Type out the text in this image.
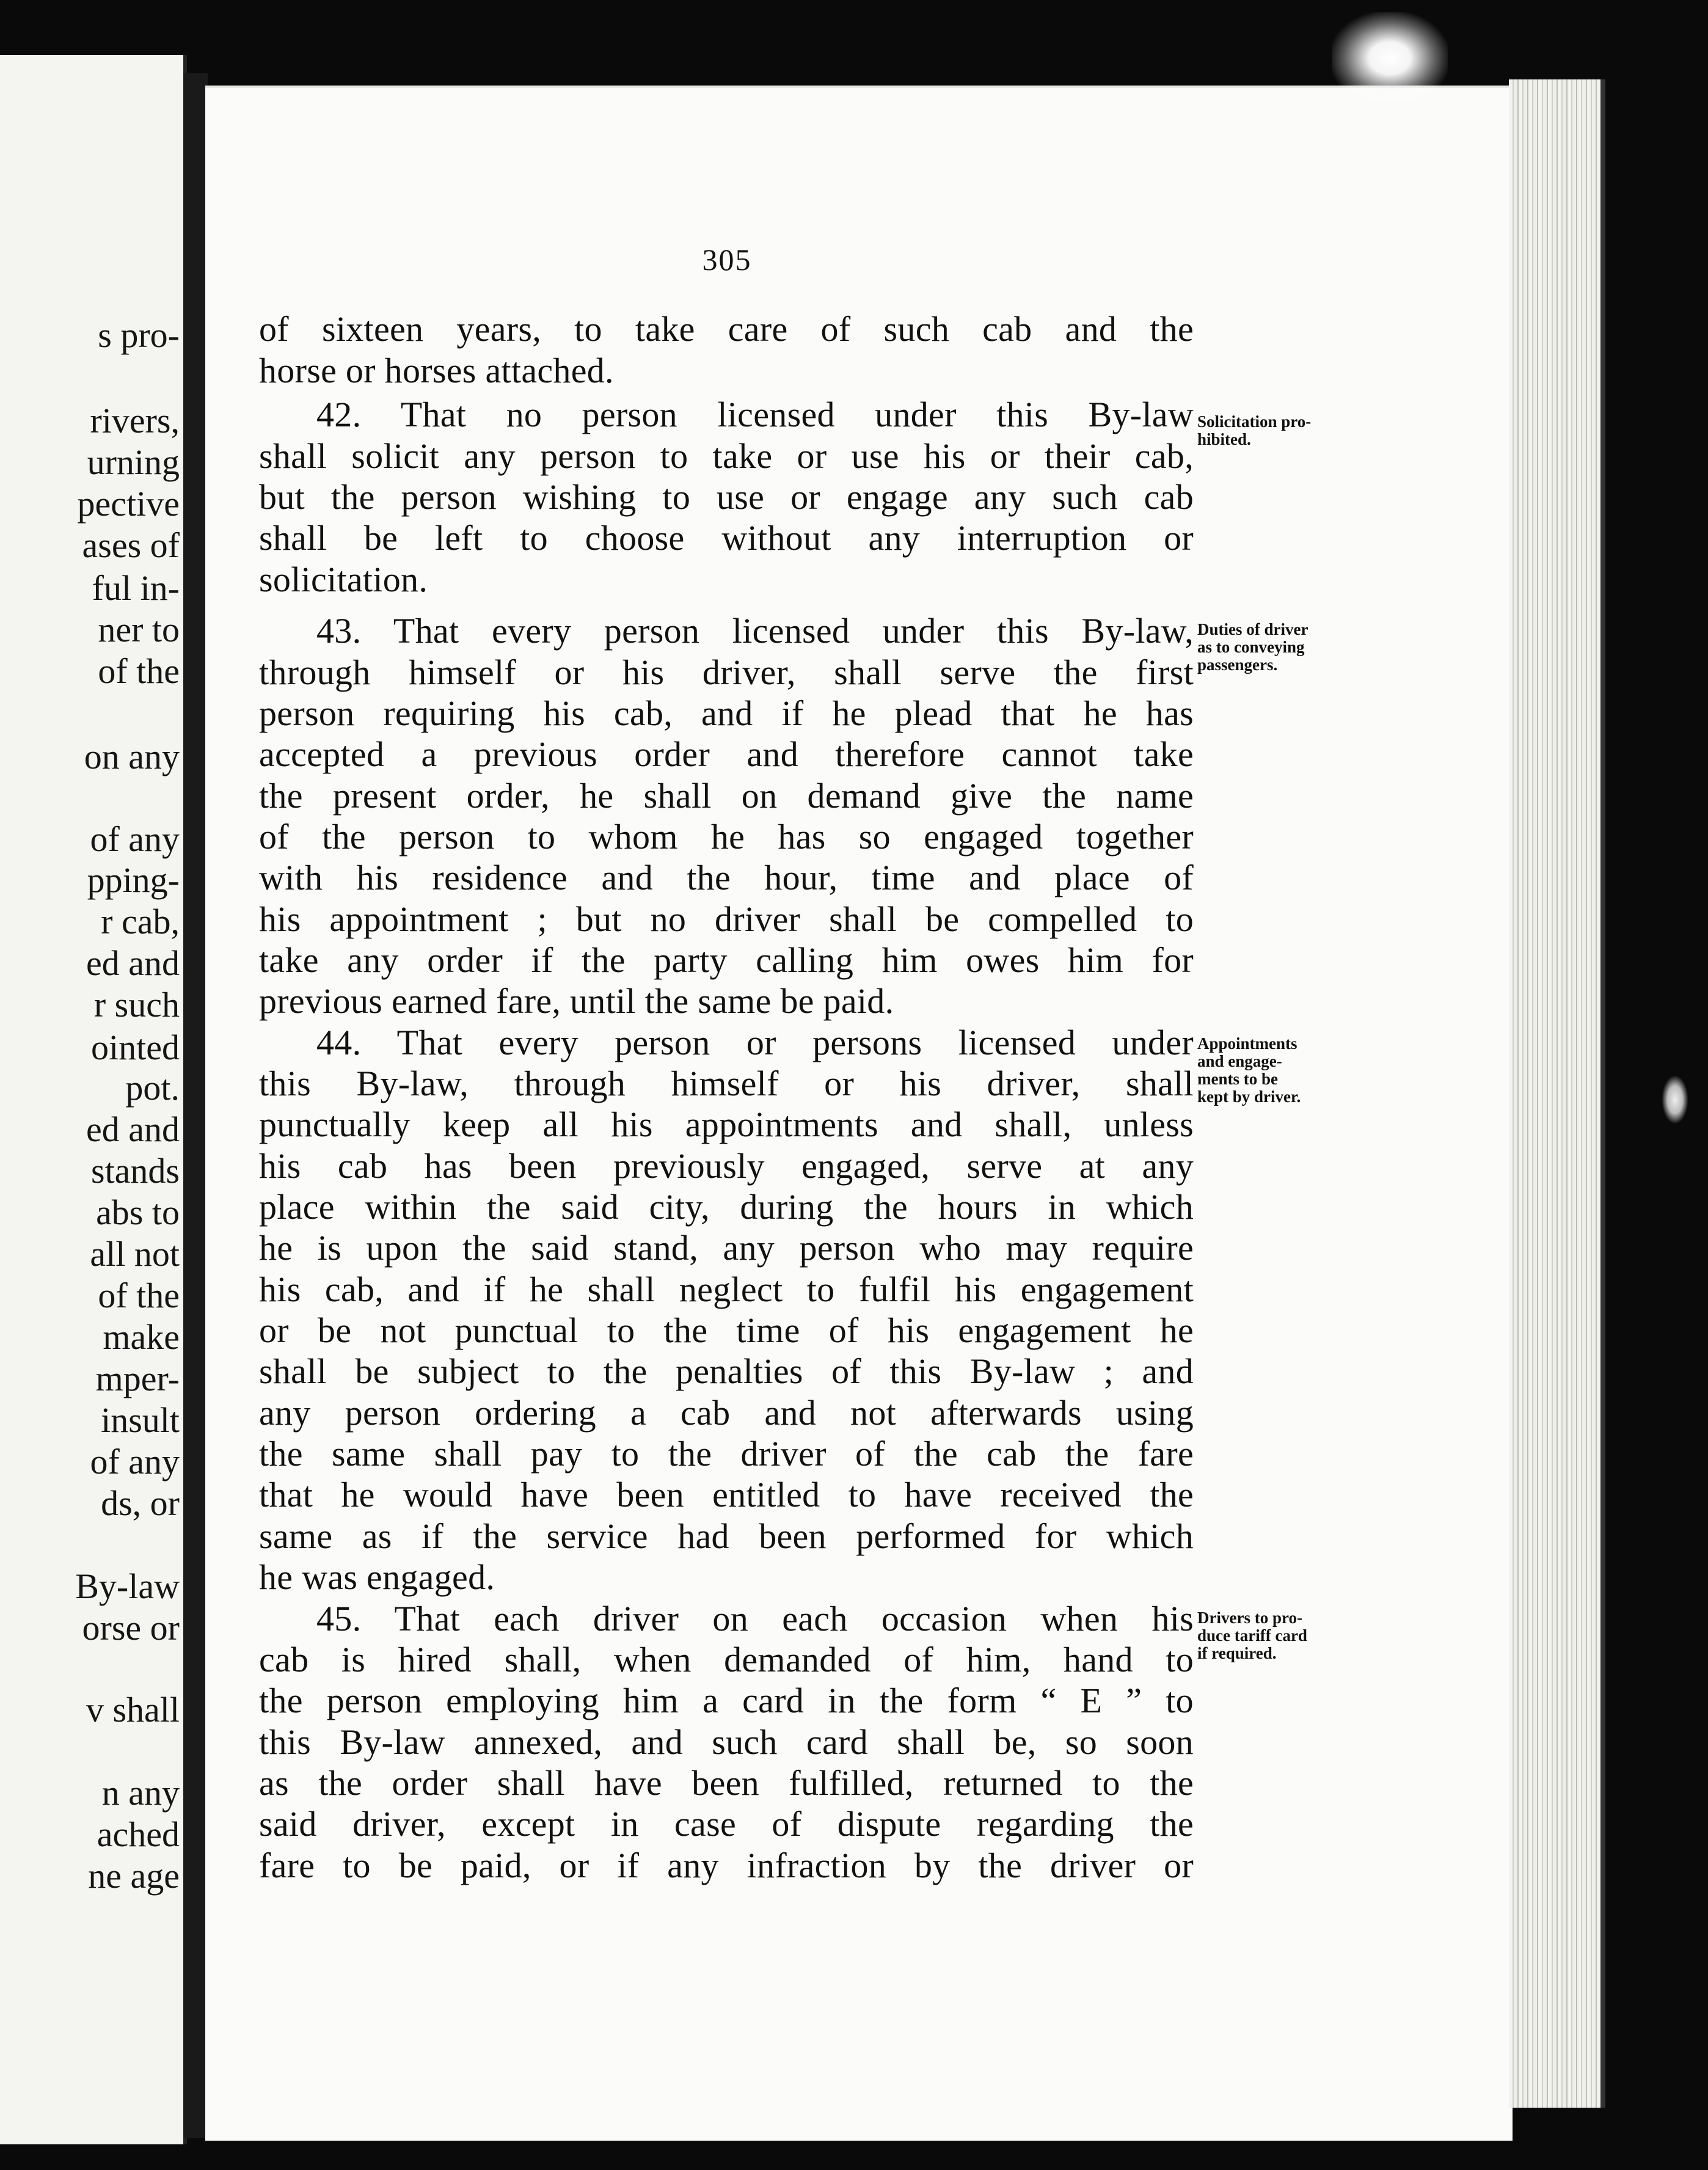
s pro-
rivers,
urning
pective
ases of
ful in-
ner to
of the
on any
of any
pping-
r cab,
ed and
r such
ointed
pot.
ed and
stands
abs to
all not
of the
make
mper-
insult
of any
ds, or
By-law
orse or
v shall
n any
ached
ne age
305
of sixteen years, to take care of such cab and the
horse or horses attached.
42. That no person licensed under this By-law
shall solicit any person to take or use his or their cab,
but the person wishing to use or engage any such cab
shall be left to choose without any interruption or
solicitation.
43. That every person licensed under this By-law,
through himself or his driver, shall serve the first
person requiring his cab, and if he plead that he has
accepted a previous order and therefore cannot take
the present order, he shall on demand give the name
of the person to whom he has so engaged together
with his residence and the hour, time and place of
his appointment ; but no driver shall be compelled to
take any order if the party calling him owes him for
previous earned fare, until the same be paid.
44. That every person or persons licensed under
this By-law, through himself or his driver, shall
punctually keep all his appointments and shall, unless
his cab has been previously engaged, serve at any
place within the said city, during the hours in which
he is upon the said stand, any person who may require
his cab, and if he shall neglect to fulfil his engagement
or be not punctual to the time of his engagement he
shall be subject to the penalties of this By-law ; and
any person ordering a cab and not afterwards using
the same shall pay to the driver of the cab the fare
that he would have been entitled to have received the
same as if the service had been performed for which
he was engaged.
45. That each driver on each occasion when his
cab is hired shall, when demanded of him, hand to
the person employing him a card in the form “ E ” to
this By-law annexed, and such card shall be, so soon
as the order shall have been fulfilled, returned to the
said driver, except in case of dispute regarding the
fare to be paid, or if any infraction by the driver or
Solicitation pro-
hibited.
Duties of driver
as to conveying
passengers.
Appointments
and engage-
ments to be
kept by driver.
Drivers to pro-
duce tariff card
if required.
